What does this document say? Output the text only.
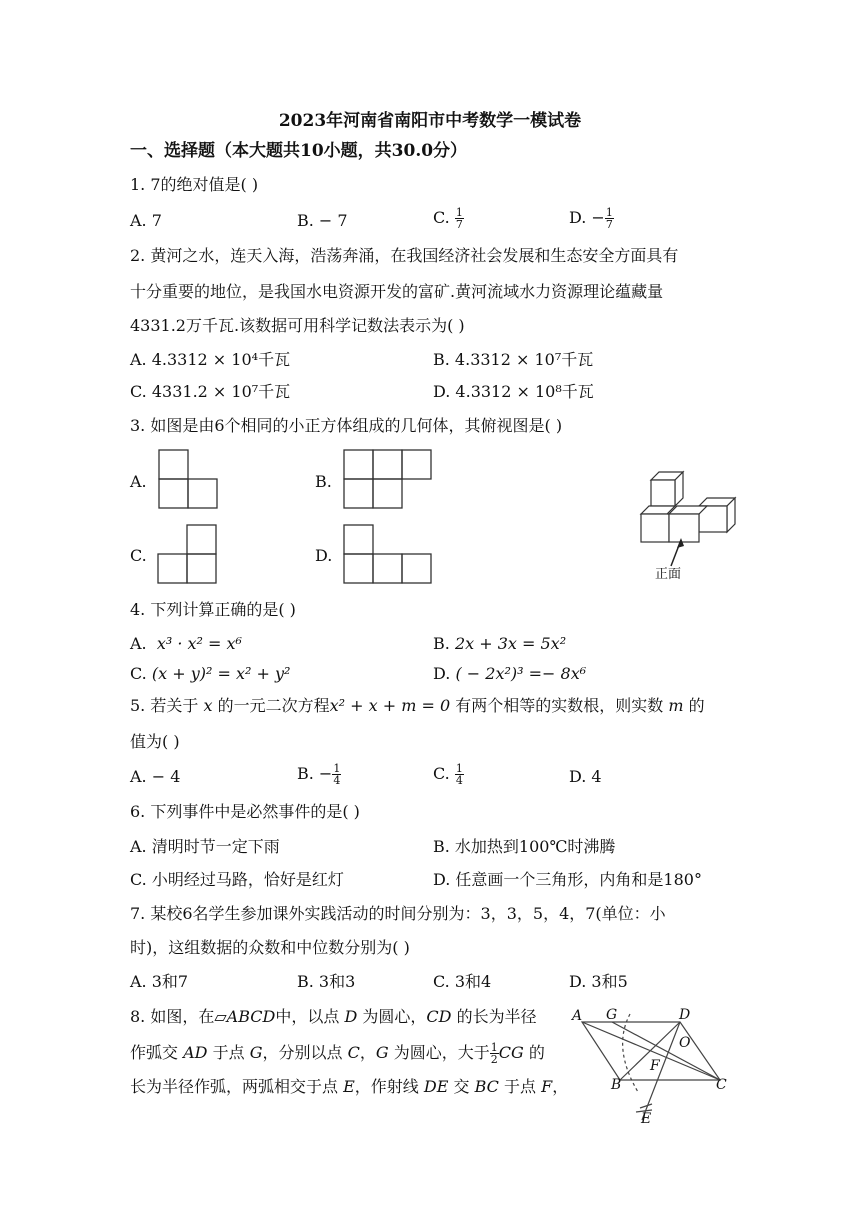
2023年河南省南阳市中考数学一模试卷
一、选择题（本大题共10小题，共30.0分）
1. 7的绝对值是( )
A. 7	B. − 7	C. $\frac{1}{7}$	D. − $\frac{1}{7}$
2. 黄河之水，连天入海，浩荡奔涌，在我国经济社会发展和生态安全方面具有
十分重要的地位，是我国水电资源开发的富矿.黄河流域水力资源理论蕴藏量
4331.2万千瓦.该数据可用科学记数法表示为( )
A. 4.3312 × 10⁴千瓦	B. 4.3312 × 10⁷千瓦
C. 4331.2 × 10⁷千瓦	D. 4.3312 × 10⁸千瓦
3. 如图是由6个相同的小正方体组成的几何体，其俯视图是( )
A.	B.
C.	D.
正面
4. 下列计算正确的是( )
A.  x³ · x² = x⁶	B. 2x + 3x = 5x²
C. (x + y)² = x² + y²	D. ( − 2x²)³ =− 8x⁶
5. 若关于 x 的一元二次方程x² + x + m = 0 有两个相等的实数根，则实数 m 的
值为( )
A. − 4	B. − $\frac{1}{4}$	C. $\frac{1}{4}$	D. 4
6. 下列事件中是必然事件的是( )
A. 清明时节一定下雨	B. 水加热到100℃时沸腾
C. 小明经过马路，恰好是红灯	D. 任意画一个三角形，内角和是180°
7. 某校6名学生参加课外实践活动的时间分别为：3，3，5，4，7(单位：小
时)，这组数据的众数和中位数分别为( )
A. 3和7	B. 3和3	C. 3和4	D. 3和5
8. 如图，在▱ABCD中，以点 D 为圆心，CD 的长为半径
作弧交 AD 于点 G，分别以点 C，G 为圆心，大于 $\frac{1}{2}$ CG 的
长为半径作弧，两弧相交于点 E，作射线 DE 交 BC 于点 F，
A G	D
O
F
B	C
E
